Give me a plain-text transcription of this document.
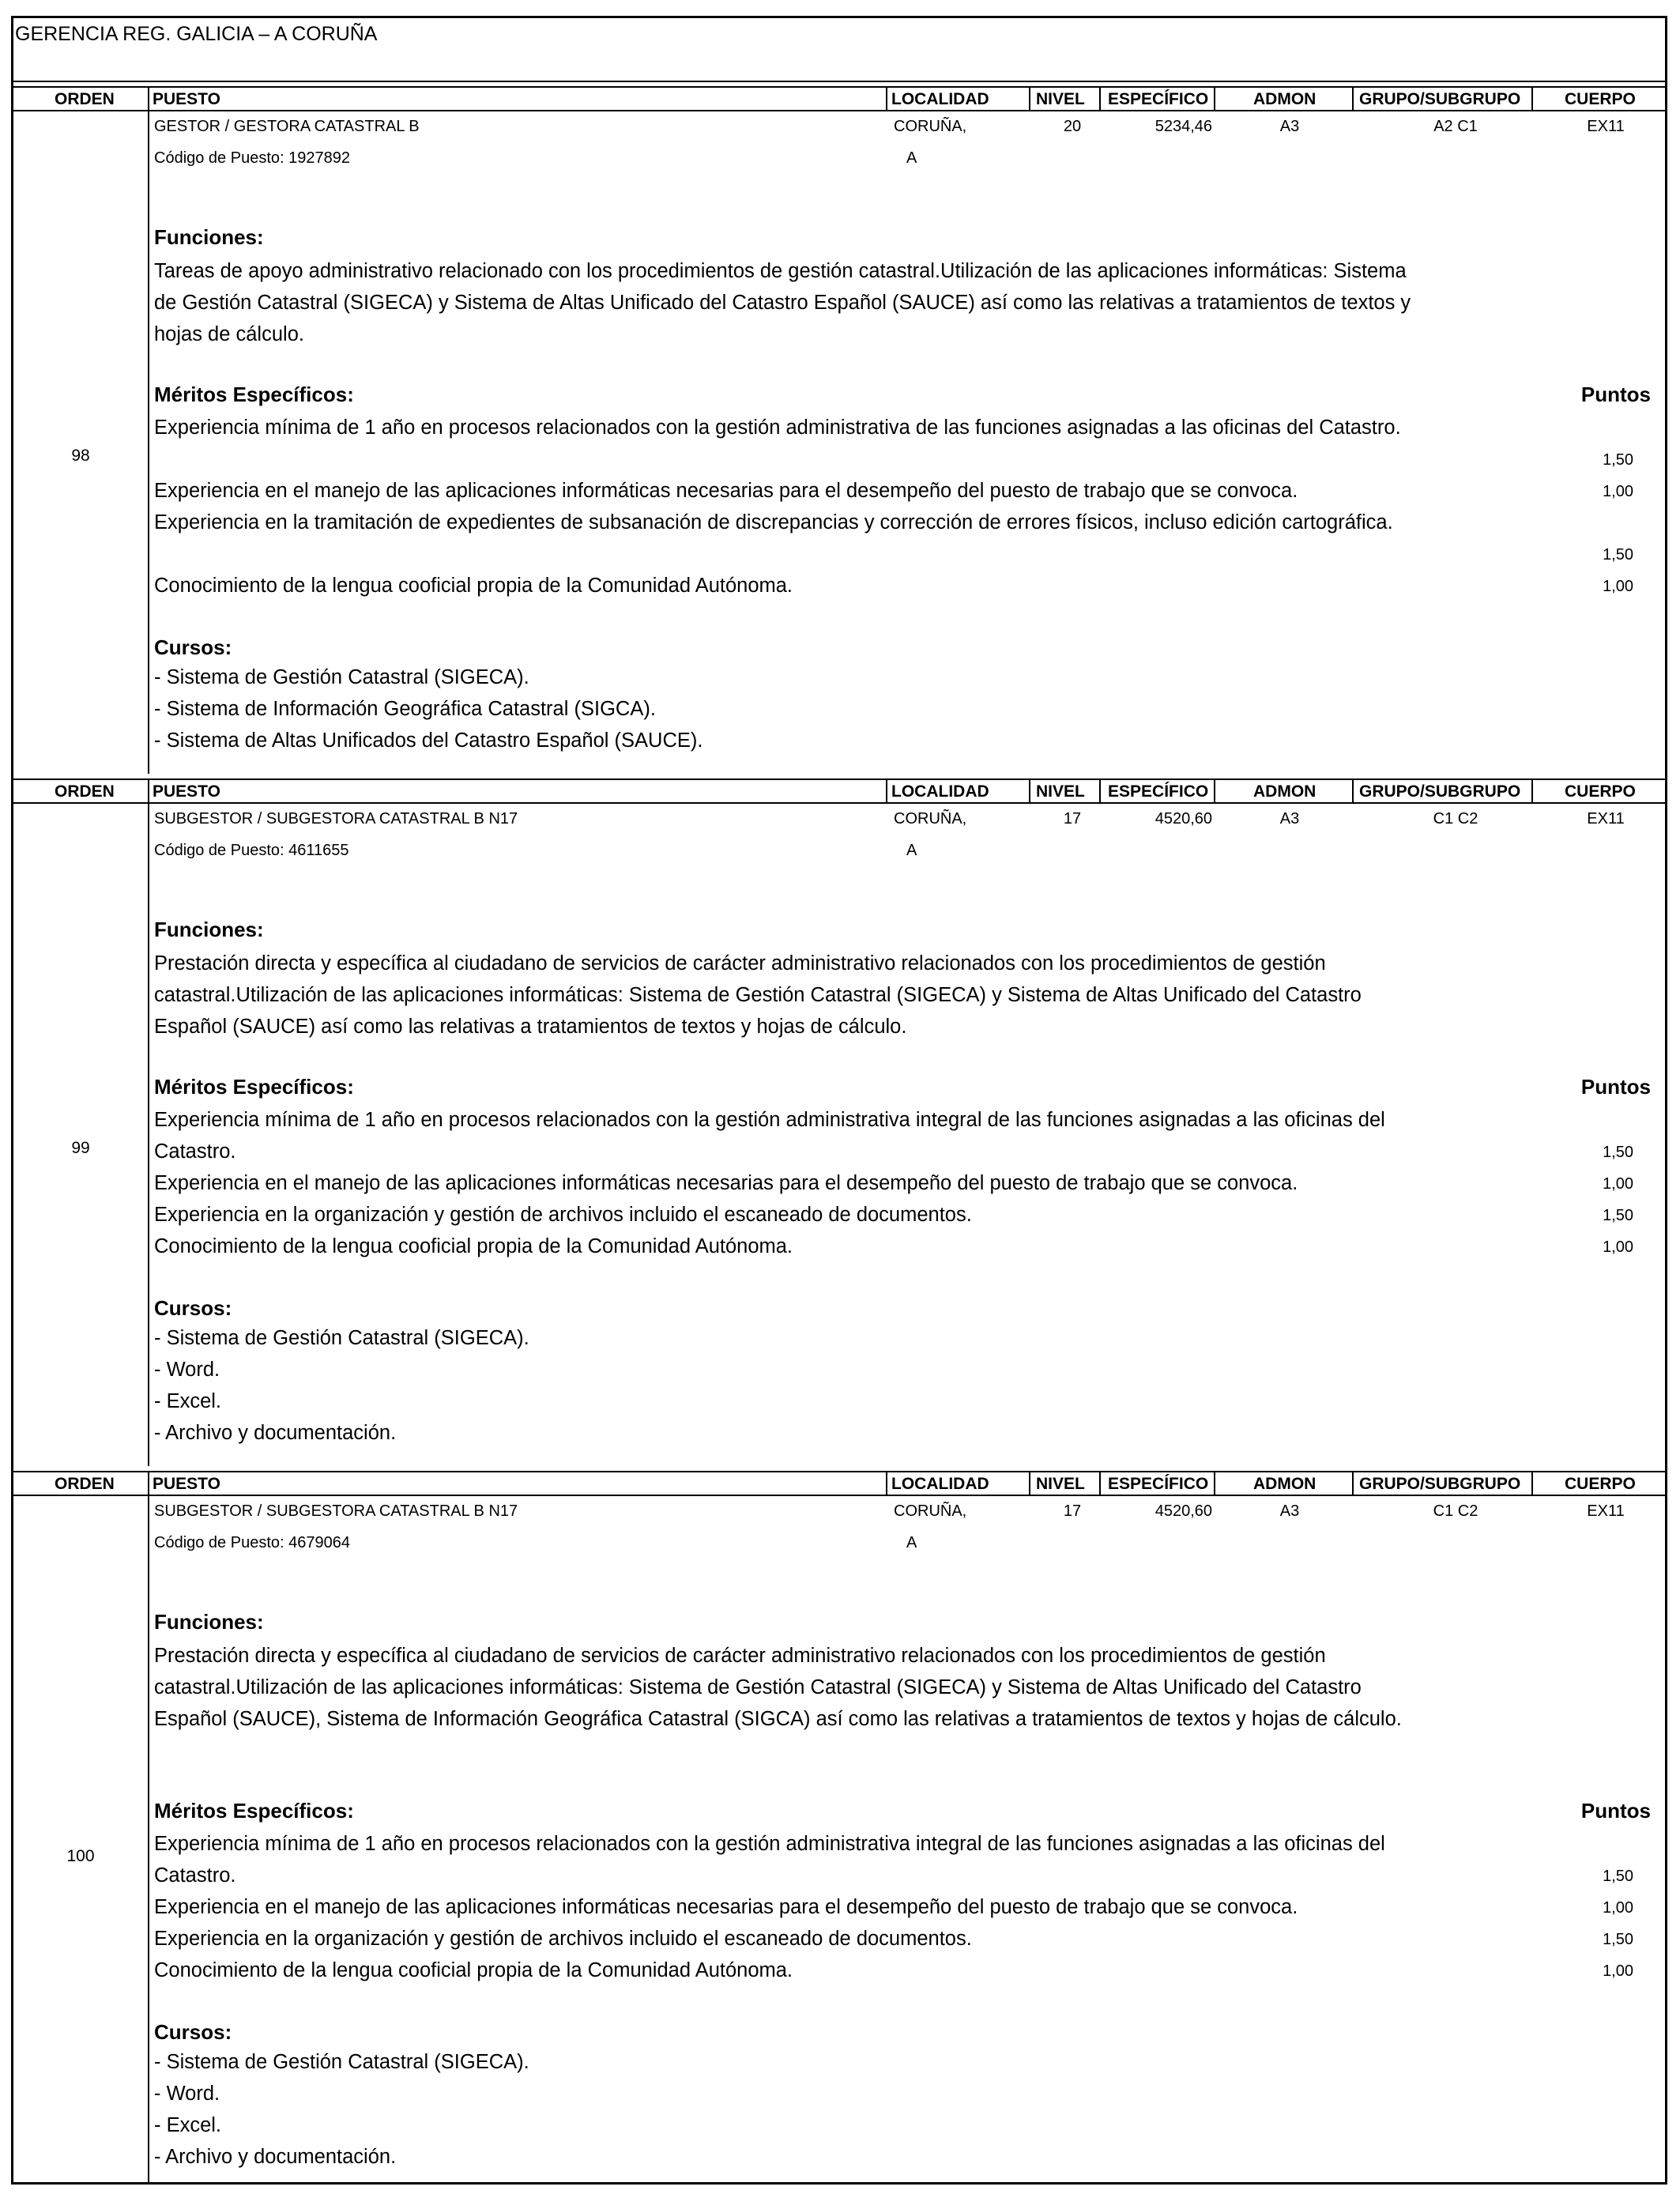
GERENCIA REG. GALICIA – A CORUÑA
ORDEN PUESTO	LOCALIDAD	NIVEL ESPECÍFICO	ADMON	GRUPO/SUBGRUPO	CUERPO
98
GESTOR / GESTORA CATASTRAL B	CORUÑA,	20	5234,46	A3	A2 C1	EX11
Código de Puesto: 1927892	A
Funciones:
Tareas de apoyo administrativo relacionado con los procedimientos de gestión catastral.Utilización de las aplicaciones informáticas: Sistema de Gestión Catastral (SIGECA) y Sistema de Altas Unificado del Catastro Español (SAUCE) así como las relativas a tratamientos de textos y hojas de cálculo.
Méritos Específicos:	Puntos
Experiencia mínima de 1 año en procesos relacionados con la gestión administrativa de las funciones asignadas a las oficinas del Catastro.
1,50
Experiencia en el manejo de las aplicaciones informáticas necesarias para el desempeño del puesto de trabajo que se convoca.	1,00
Experiencia en la tramitación de expedientes de subsanación de discrepancias y corrección de errores físicos, incluso edición cartográfica.
1,50
Conocimiento de la lengua cooficial propia de la Comunidad Autónoma.	1,00
Cursos:
- Sistema de Gestión Catastral (SIGECA).
- Sistema de Información Geográfica Catastral (SIGCA).
- Sistema de Altas Unificados del Catastro Español (SAUCE).
ORDEN PUESTO	LOCALIDAD	NIVEL ESPECÍFICO	ADMON	GRUPO/SUBGRUPO	CUERPO
99
SUBGESTOR / SUBGESTORA CATASTRAL B N17	CORUÑA,	17	4520,60	A3	C1 C2	EX11
Código de Puesto: 4611655	A
Funciones:
Prestación directa y específica al ciudadano de servicios de carácter administrativo relacionados con los procedimientos de gestión catastral.Utilización de las aplicaciones informáticas: Sistema de Gestión Catastral (SIGECA) y Sistema de Altas Unificado del Catastro Español (SAUCE) así como las relativas a tratamientos de textos y hojas de cálculo.
Méritos Específicos:	Puntos
Experiencia mínima de 1 año en procesos relacionados con la gestión administrativa integral de las funciones asignadas a las oficinas del Catastro.	1,50
Experiencia en el manejo de las aplicaciones informáticas necesarias para el desempeño del puesto de trabajo que se convoca.	1,00
Experiencia en la organización y gestión de archivos incluido el escaneado de documentos.	1,50
Conocimiento de la lengua cooficial propia de la Comunidad Autónoma.	1,00
Cursos:
- Sistema de Gestión Catastral (SIGECA).
- Word.
- Excel.
- Archivo y documentación.
ORDEN PUESTO	LOCALIDAD	NIVEL ESPECÍFICO	ADMON	GRUPO/SUBGRUPO	CUERPO
100
SUBGESTOR / SUBGESTORA CATASTRAL B N17	CORUÑA,	17	4520,60	A3	C1 C2	EX11
Código de Puesto: 4679064	A
Funciones:
Prestación directa y específica al ciudadano de servicios de carácter administrativo relacionados con los procedimientos de gestión catastral.Utilización de las aplicaciones informáticas: Sistema de Gestión Catastral (SIGECA) y Sistema de Altas Unificado del Catastro Español (SAUCE), Sistema de Información Geográfica Catastral (SIGCA) así como las relativas a tratamientos de textos y hojas de cálculo.
Méritos Específicos:	Puntos
Experiencia mínima de 1 año en procesos relacionados con la gestión administrativa integral de las funciones asignadas a las oficinas del Catastro.	1,50
Experiencia en el manejo de las aplicaciones informáticas necesarias para el desempeño del puesto de trabajo que se convoca.	1,00
Experiencia en la organización y gestión de archivos incluido el escaneado de documentos.	1,50
Conocimiento de la lengua cooficial propia de la Comunidad Autónoma.	1,00
Cursos:
- Sistema de Gestión Catastral (SIGECA).
- Word.
- Excel.
- Archivo y documentación.
